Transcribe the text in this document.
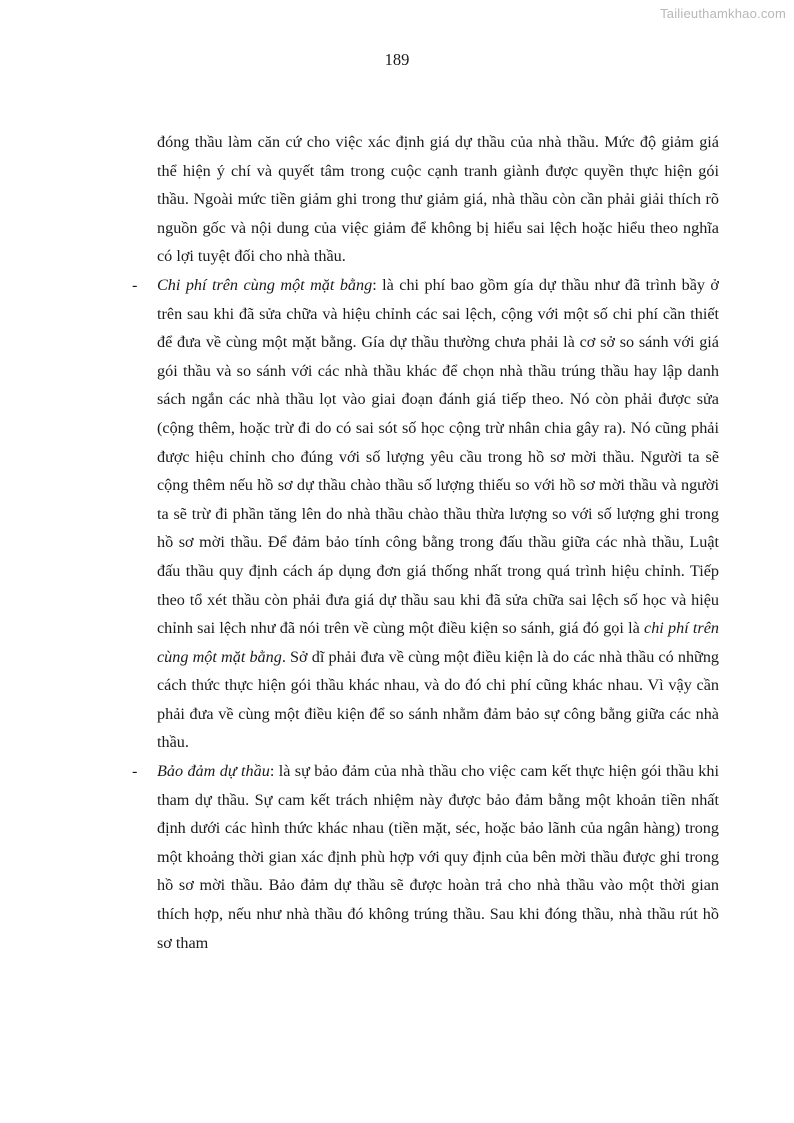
Tailieuthamkhao.com
189

đóng thầu làm căn cứ cho việc xác định giá dự thầu của nhà thầu. Mức độ giảm giá thể hiện ý chí và quyết tâm trong cuộc cạnh tranh giành được quyền thực hiện gói thầu. Ngoài mức tiền giảm ghi trong thư giảm giá, nhà thầu còn cần phải giải thích rõ nguồn gốc và nội dung của việc giảm để không bị hiểu sai lệch hoặc hiểu theo nghĩa có lợi tuyệt đối cho nhà thầu.

- Chi phí trên cùng một mặt bằng: là chi phí bao gồm gía dự thầu như đã trình bầy ở trên sau khi đã sửa chữa và hiệu chỉnh các sai lệch, cộng với một số chi phí cần thiết để đưa về cùng một mặt bằng. Gía dự thầu thường chưa phải là cơ sở so sánh với giá gói thầu và so sánh với các nhà thầu khác để chọn nhà thầu trúng thầu hay lập danh sách ngắn các nhà thầu lọt vào giai đoạn đánh giá tiếp theo. Nó còn phải được sửa (cộng thêm, hoặc trừ đi do có sai sót số học cộng trừ nhân chia gây ra). Nó cũng phải được hiệu chỉnh cho đúng với số lượng yêu cầu trong hồ sơ mời thầu. Người ta sẽ cộng thêm nếu hồ sơ dự thầu chào thầu số lượng thiếu so với hồ sơ mời thầu và người ta sẽ trừ đi phần tăng lên do nhà thầu chào thầu thừa lượng so với số lượng ghi trong hồ sơ mời thầu. Để đảm bảo tính công bằng trong đấu thầu giữa các nhà thầu, Luật đấu thầu quy định cách áp dụng đơn giá thống nhất trong quá trình hiệu chỉnh. Tiếp theo tổ xét thầu còn phải đưa giá dự thầu sau khi đã sửa chữa sai lệch số học và hiệu chỉnh sai lệch như đã nói trên về cùng một điều kiện so sánh, giá đó gọi là chi phí trên cùng một mặt bằng. Sở dĩ phải đưa về cùng một điều kiện là do các nhà thầu có những cách thức thực hiện gói thầu khác nhau, và do đó chi phí cũng khác nhau. Vì vậy cần phải đưa về cùng một điều kiện để so sánh nhằm đảm bảo sự công bằng giữa các nhà thầu.

- Bảo đảm dự thầu: là sự bảo đảm của nhà thầu cho việc cam kết thực hiện gói thầu khi tham dự thầu. Sự cam kết trách nhiệm này được bảo đảm bằng một khoản tiền nhất định dưới các hình thức khác nhau (tiền mặt, séc, hoặc bảo lãnh của ngân hàng) trong một khoảng thời gian xác định phù hợp với quy định của bên mời thầu được ghi trong hồ sơ mời thầu. Bảo đảm dự thầu sẽ được hoàn trả cho nhà thầu vào một thời gian thích hợp, nếu như nhà thầu đó không trúng thầu. Sau khi đóng thầu, nhà thầu rút hồ sơ tham
